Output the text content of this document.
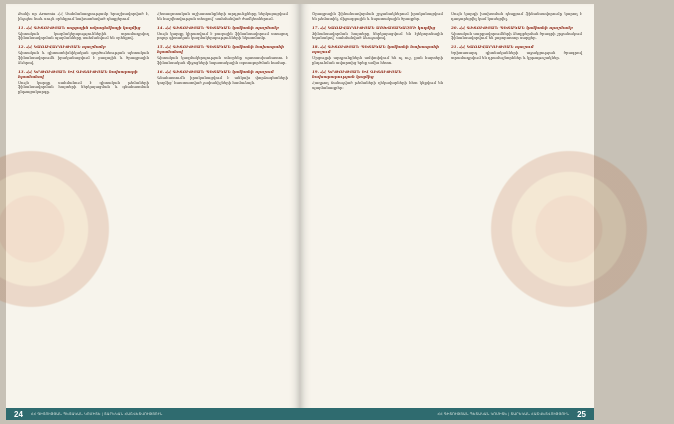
Քանի որ Armenia ՀՀ Սահմանադրությամբ երաշխավորված է, ինչպես նաև սույն օրենքում նախատեսված դեպքերում

11. ՀՀ ԳԻՏՈՒԹՅԱՆ ազգային ակադեմիայի կողմից

Գիտական կազմակերպություններին տրամադրվող ֆինանսավորման պայմանները սահմանվում են օրենքով.

12. ՀՀ ԿԱՌԱՎԱՐՈՒԹՅԱՆ որոշմամբ

Գիտական և գիտատեխնիկական գործունեության պետական ֆինանսավորումն իրականացվում է բազային և ծրագրային ձևերով.

13. ՀՀ ԿՐԹՈՒԹՅԱՆ ԵՎ ԳԻՏՈՒԹՅԱՆ նախարարի հրամանով

Սույն կարգը սահմանում է գիտական թեմաների ֆինանսավորման հայտերի ներկայացման և գնահատման ընթացակարգը.

Հետազոտական աշխատանքների արդյունքները ներկայացվում են հաշվետվության տեսքով՝ սահմանված ժամկետներում.

14. ՀՀ ԳԻՏՈՒԹՅԱՆ ՊԵՏԱԿԱՆ կոմիտեի որոշմամբ

Սույն կարգը կիրառվում է բազային ֆինանսավորում ստացող բոլոր գիտական կազմակերպությունների նկատմամբ.

15. ՀՀ ԳԻՏՈՒԹՅԱՆ ՊԵՏԱԿԱՆ կոմիտեի նախագահի հրամանով

Գիտական կազմակերպության տնօրենը պատասխանատու է ֆինանսական միջոցների նպատակային օգտագործման համար.

16. ՀՀ ԳԻՏՈՒԹՅԱՆ ՊԵՏԱԿԱՆ կոմիտեի որոշում

Գնահատումն իրականացվում է անկախ փորձագետների կողմից՝ հաստատված չափանիշների համաձայն.

24 ՀՀ ԳԻՏՈՒԹՅԱՆ ՊԵՏԱԿԱՆ ԿՈՄԻՏԵ | ՏԱՐԵԿԱՆ ՀԱՇՎԵՏՎՈՒԹՅՈՒՆ

Ծրագրային ֆինանսավորման շրջանակներում իրականացվում են թեմատիկ, միջազգային և նպատակային ծրագրեր.

17. ՀՀ ԿԱՌԱՎԱՐՈՒԹՅԱՆ ԱՇԽԱՏԱԿԱԶՄԻ կողմից

Ֆինանսավորման հայտերը ներկայացվում են էլեկտրոնային եղանակով՝ սահմանված ձևաչափով.

18. ՀՀ ԳԻՏՈՒԹՅԱՆ ՊԵՏԱԿԱՆ կոմիտեի նախագահի որոշում

Մրցույթի արդյունքներն ամփոփվում են ոչ ուշ, քան հայտերի ընդունման ավարտից երեք ամիս հետո.

19. ՀՀ ԿՐԹՈՒԹՅԱՆ ԵՎ ԳԻՏՈՒԹՅԱՆ նախարարության կողմից

Հաղթող ճանաչված թեմաների ղեկավարների հետ կնքվում են պայմանագրեր։

Սույն կարգի խախտման դեպքում ֆինանսավորումը կարող է դադարեցվել կամ կասեցվել.

20. ՀՀ ԳԻՏՈՒԹՅԱՆ ՊԵՏԱԿԱՆ կոմիտեի որոշմամբ

Գիտական սարքավորումների ձեռքբերման ծրագրի շրջանակում ֆինանսավորվում են լաբորատոր սարքեր.

21. ՀՀ ԿԱՌԱՎԱՐՈՒԹՅԱՆ որոշում

Երիտասարդ գիտնականների աջակցության ծրագրով տրամադրվում են դրամաշնորհներ և կրթաթոշակներ.

ՀՀ ԳԻՏՈՒԹՅԱՆ ՊԵՏԱԿԱՆ ԿՈՄԻՏԵ | ՏԱՐԵԿԱՆ ՀԱՇՎԵՏՎՈՒԹՅՈՒՆ 25
